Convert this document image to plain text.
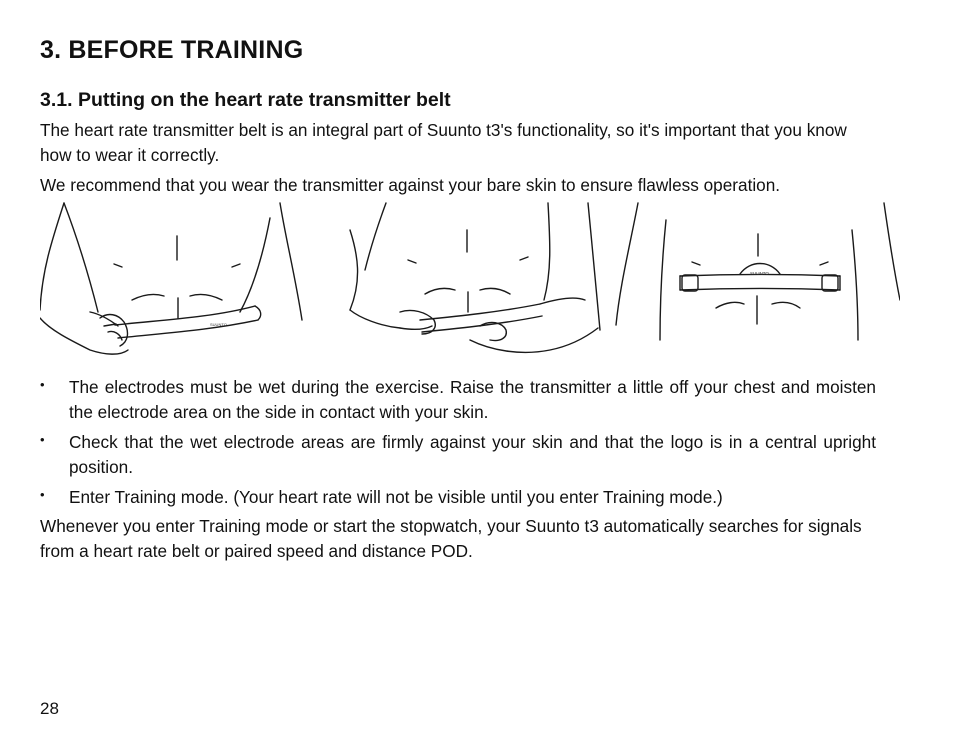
3. BEFORE TRAINING
3.1. Putting on the heart rate transmitter belt

The heart rate transmitter belt is an integral part of Suunto t3's functionality, so it's important that you know how to wear it correctly.

We recommend that you wear the transmitter against your bare skin to ensure flawless operation.

SUUNTO
SUUNTO
• The electrodes must be wet during the exercise. Raise the transmitter a little off your chest and moisten the electrode area on the side in contact with your skin.
• Check that the wet electrode areas are firmly against your skin and that the logo is in a central upright position.
• Enter Training mode. (Your heart rate will not be visible until you enter Training mode.)

Whenever you enter Training mode or start the stopwatch, your Suunto t3 automatically searches for signals from a heart rate belt or paired speed and distance POD.

28
